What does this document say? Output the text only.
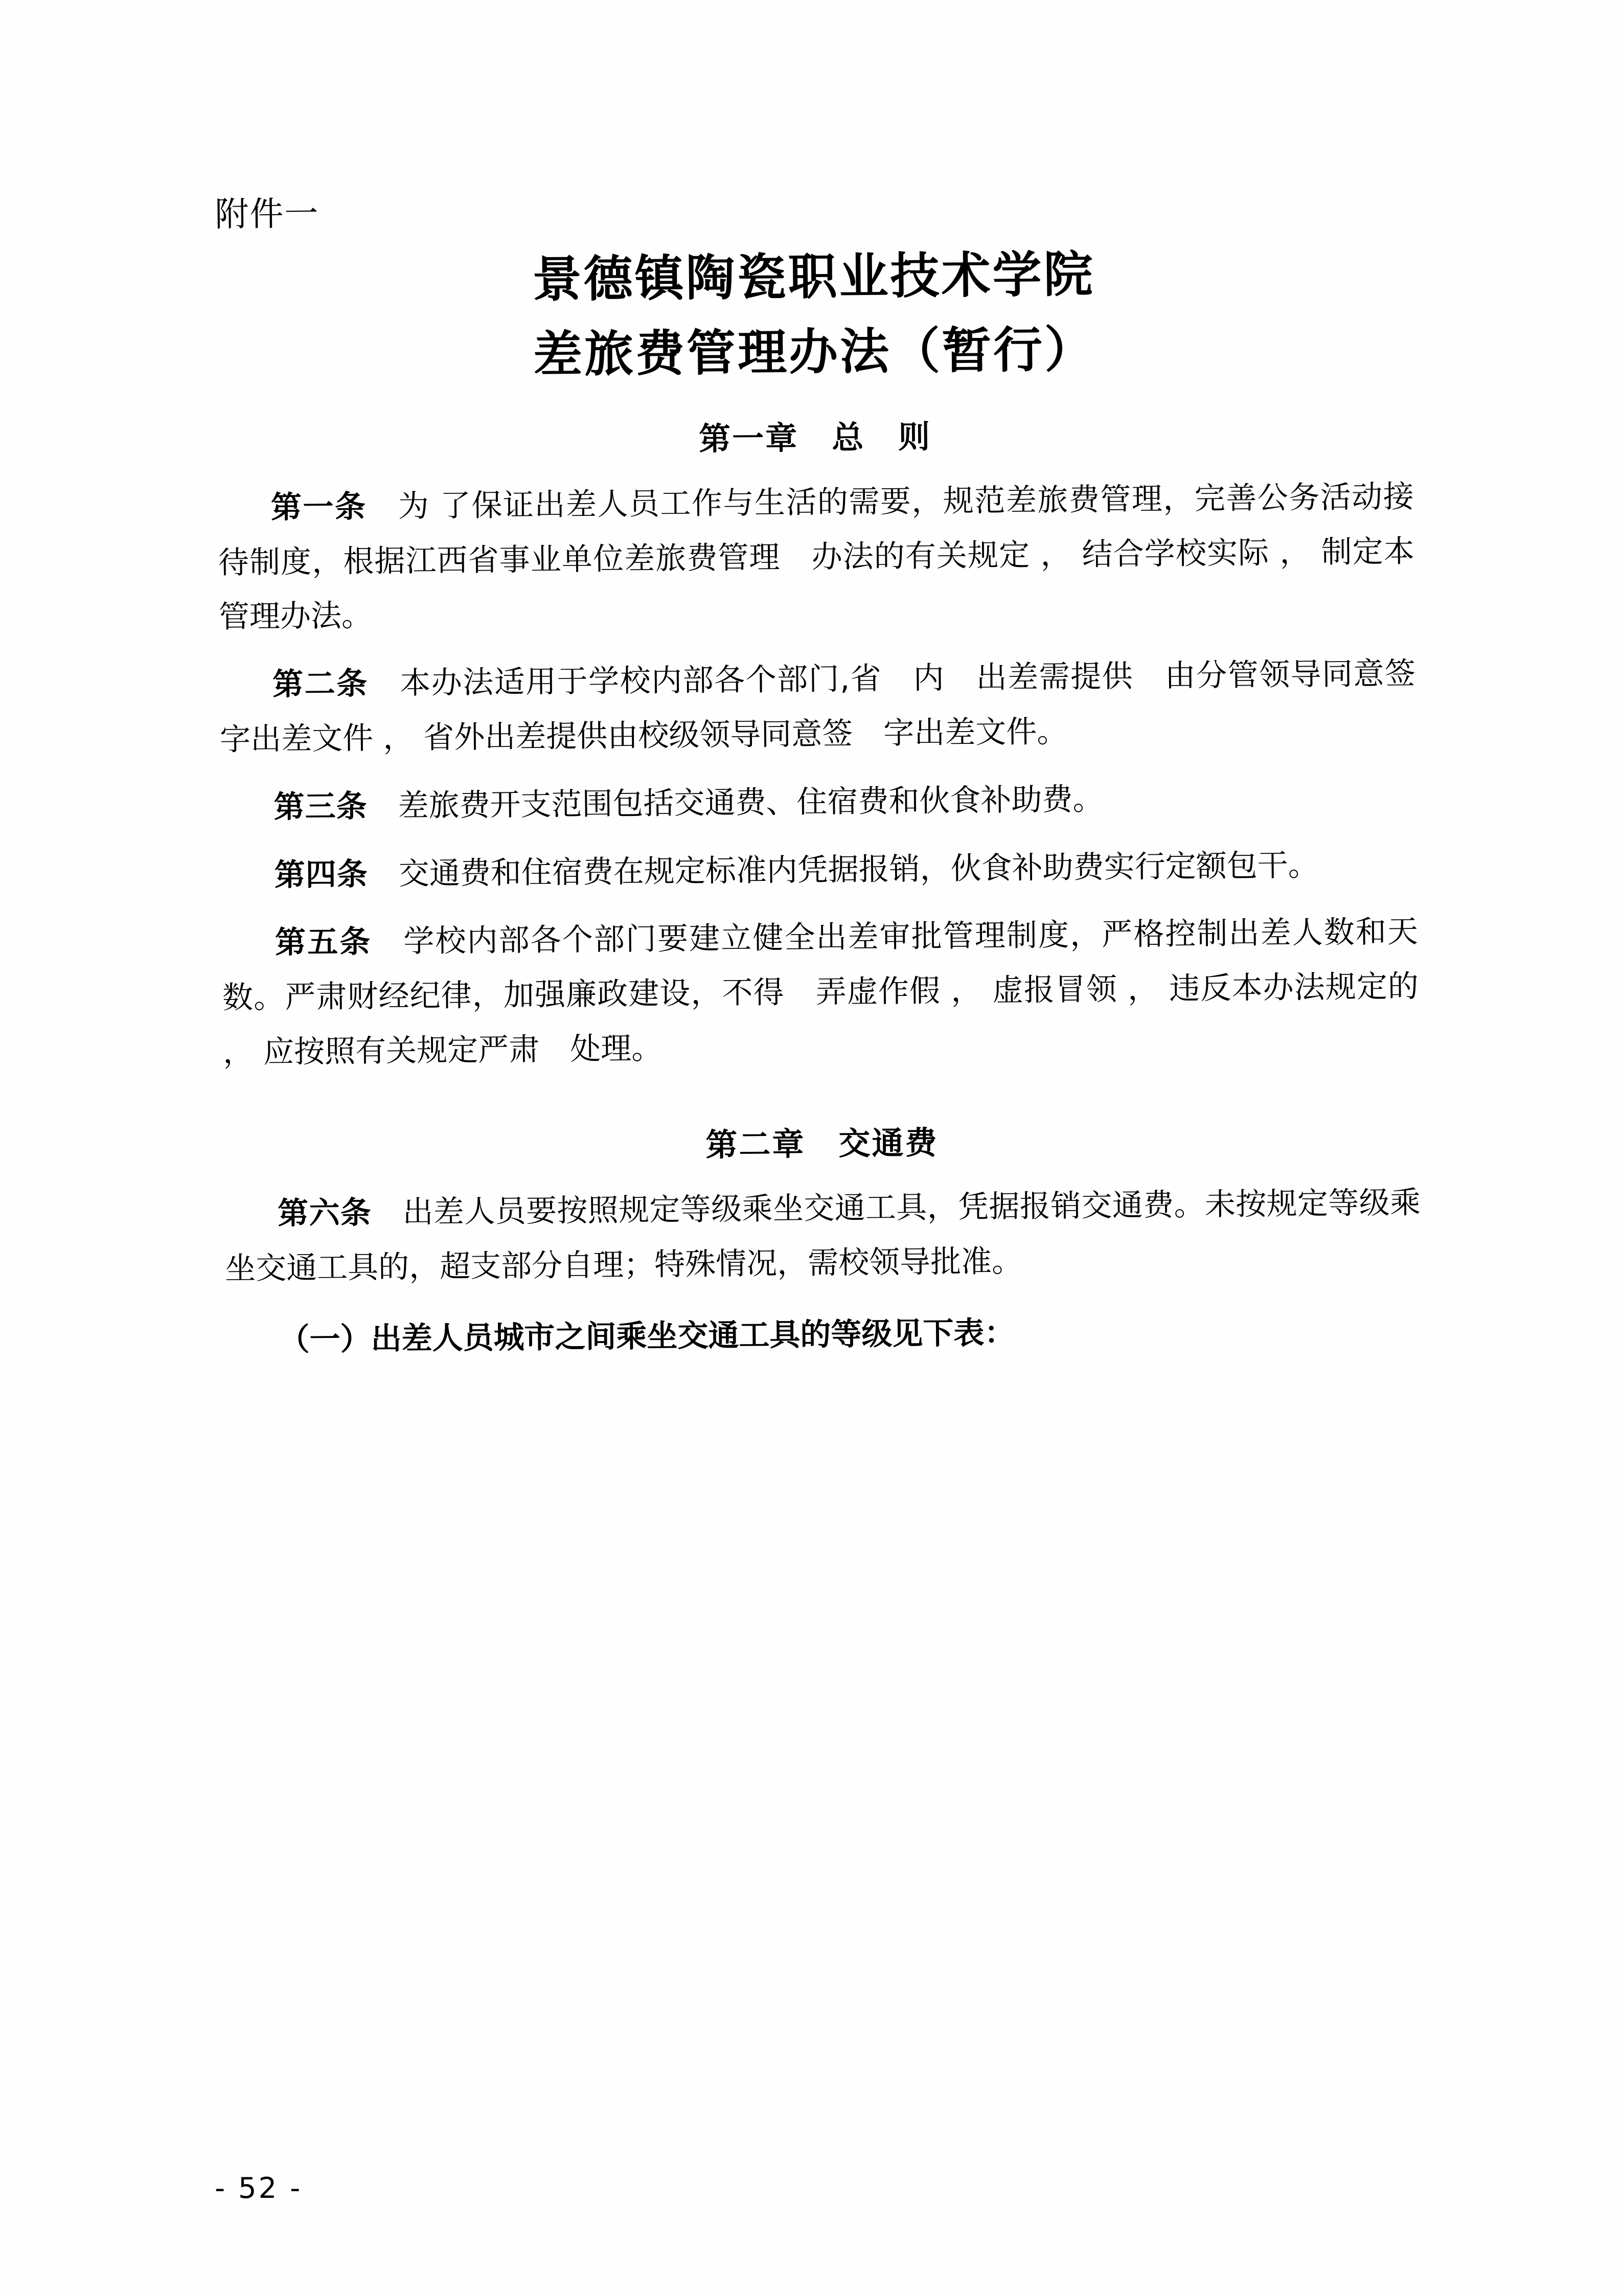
附件一
景德镇陶瓷职业技术学院
差旅费管理办法（暂行）
第一章　总　则

第一条　为 了保证出差人员工作与生活的需要，规范差旅费管理，完善公务活动接待制度，根据江西省事业单位差旅费管理　办法的有关规定 ， 结合学校实际 ， 制定本管理办法。

第二条　本办法适用于学校内部各个部门,省　内　出差需提供　由分管领导同意签字出差文件 ， 省外出差提供由校级领导同意签　字出差文件。

第三条　差旅费开支范围包括交通费、住宿费和伙食补助费。

第四条　交通费和住宿费在规定标准内凭据报销，伙食补助费实行定额包干。

第五条　学校内部各个部门要建立健全出差审批管理制度，严格控制出差人数和天数。严肃财经纪律，加强廉政建设，不得　弄虚作假 ， 虚报冒领 ， 违反本办法规定的 ， 应按照有关规定严肃　处理。

第二章　交通费

第六条　出差人员要按照规定等级乘坐交通工具，凭据报销交通费。未按规定等级乘坐交通工具的，超支部分自理；特殊情况，需校领导批准。

（一）出差人员城市之间乘坐交通工具的等级见下表：

- 52 -
